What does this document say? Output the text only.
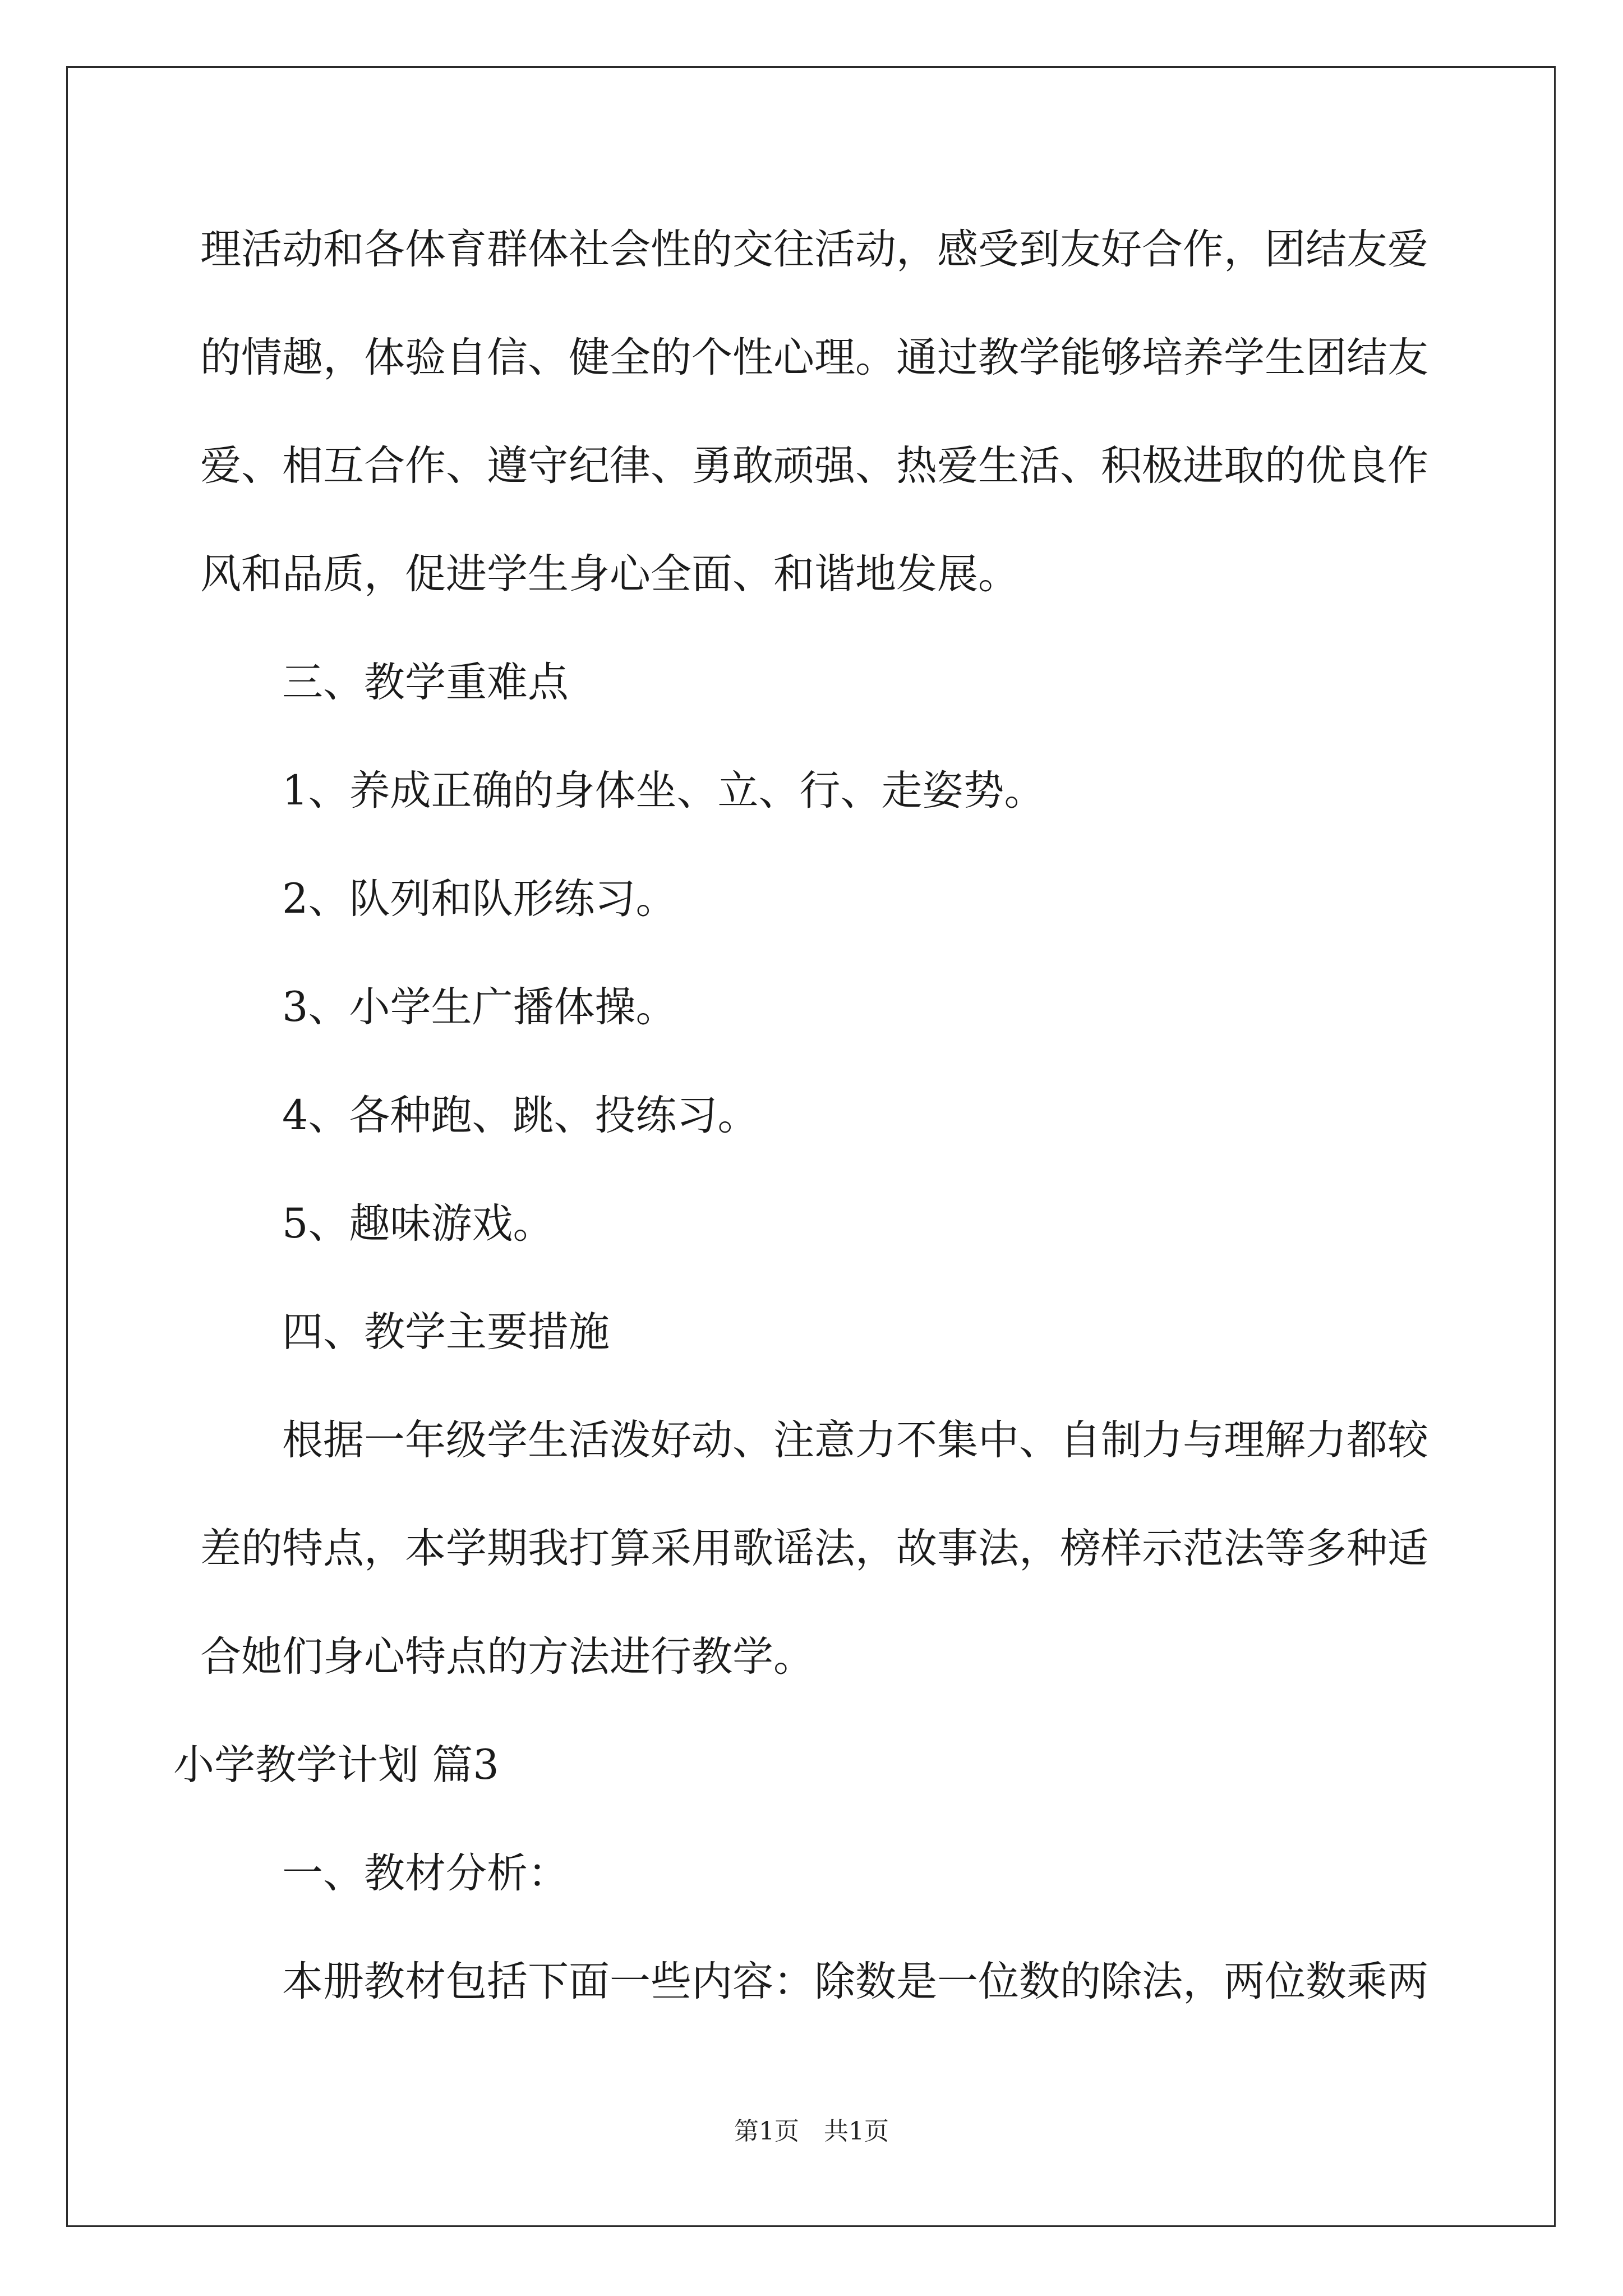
理活动和各体育群体社会性的交往活动，感受到友好合作，团结友爱
的情趣，体验自信、健全的个性心理。通过教学能够培养学生团结友
爱、相互合作、遵守纪律、勇敢顽强、热爱生活、积极进取的优良作
风和品质，促进学生身心全面、和谐地发展。
三、教学重难点
1、养成正确的身体坐、立、行、走姿势。
2、队列和队形练习。
3、小学生广播体操。
4、各种跑、跳、投练习。
5、趣味游戏。
四、教学主要措施
根据一年级学生活泼好动、注意力不集中、自制力与理解力都较
差的特点，本学期我打算采用歌谣法，故事法，榜样示范法等多种适
合她们身心特点的方法进行教学。
小学教学计划 篇3
一、教材分析：
本册教材包括下面一些内容：除数是一位数的除法，两位数乘两
第1页　共1页
